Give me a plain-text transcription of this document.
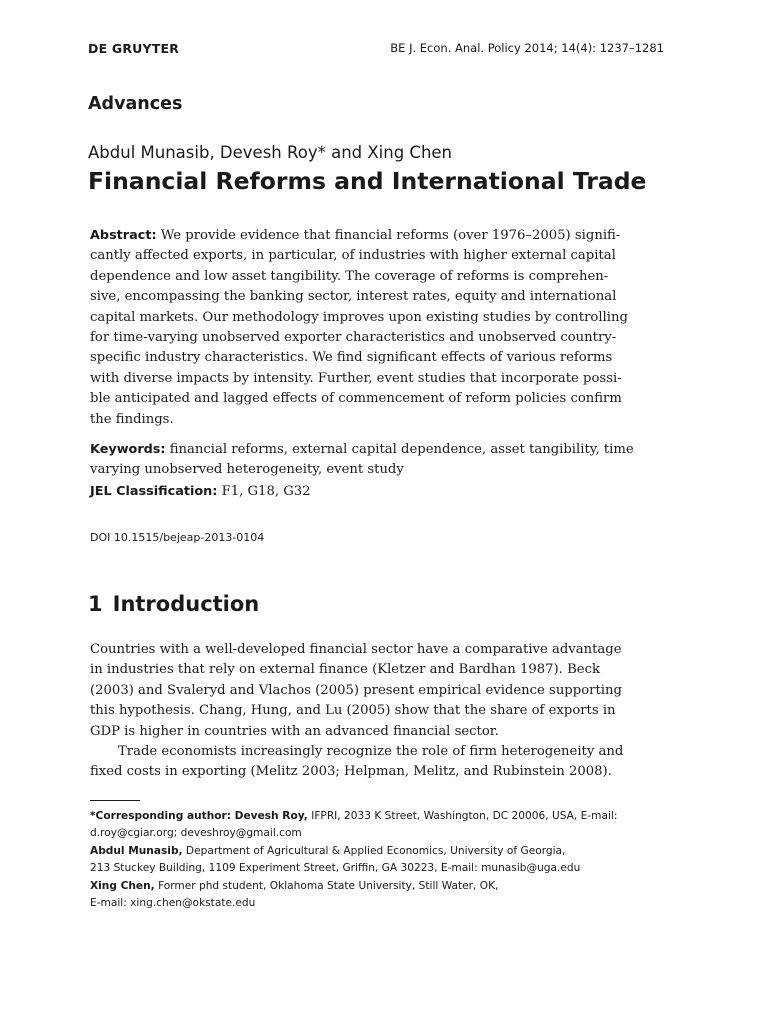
DE GRUYTER	BE J. Econ. Anal. Policy 2014; 14(4): 1237–1281
Advances
Abdul Munasib, Devesh Roy* and Xing Chen
Financial Reforms and International Trade
Abstract: We provide evidence that financial reforms (over 1976–2005) signifi-
cantly affected exports, in particular, of industries with higher external capital
dependence and low asset tangibility. The coverage of reforms is comprehen-
sive, encompassing the banking sector, interest rates, equity and international
capital markets. Our methodology improves upon existing studies by controlling
for time-varying unobserved exporter characteristics and unobserved country-
specific industry characteristics. We find significant effects of various reforms
with diverse impacts by intensity. Further, event studies that incorporate possi-
ble anticipated and lagged effects of commencement of reform policies confirm
the findings.
Keywords: financial reforms, external capital dependence, asset tangibility, time
varying unobserved heterogeneity, event study
JEL Classification: F1, G18, G32
DOI 10.1515/bejeap-2013-0104
1 Introduction
Countries with a well-developed financial sector have a comparative advantage
in industries that rely on external finance (Kletzer and Bardhan 1987). Beck
(2003) and Svaleryd and Vlachos (2005) present empirical evidence supporting
this hypothesis. Chang, Hung, and Lu (2005) show that the share of exports in
GDP is higher in countries with an advanced financial sector.
Trade economists increasingly recognize the role of firm heterogeneity and
fixed costs in exporting (Melitz 2003; Helpman, Melitz, and Rubinstein 2008).
*Corresponding author: Devesh Roy, IFPRI, 2033 K Street, Washington, DC 20006, USA, E-mail:
d.roy@cgiar.org; deveshroy@gmail.com
Abdul Munasib, Department of Agricultural & Applied Economics, University of Georgia,
213 Stuckey Building, 1109 Experiment Street, Griffin, GA 30223, E-mail: munasib@uga.edu
Xing Chen, Former phd student, Oklahoma State University, Still Water, OK,
E-mail: xing.chen@okstate.edu
